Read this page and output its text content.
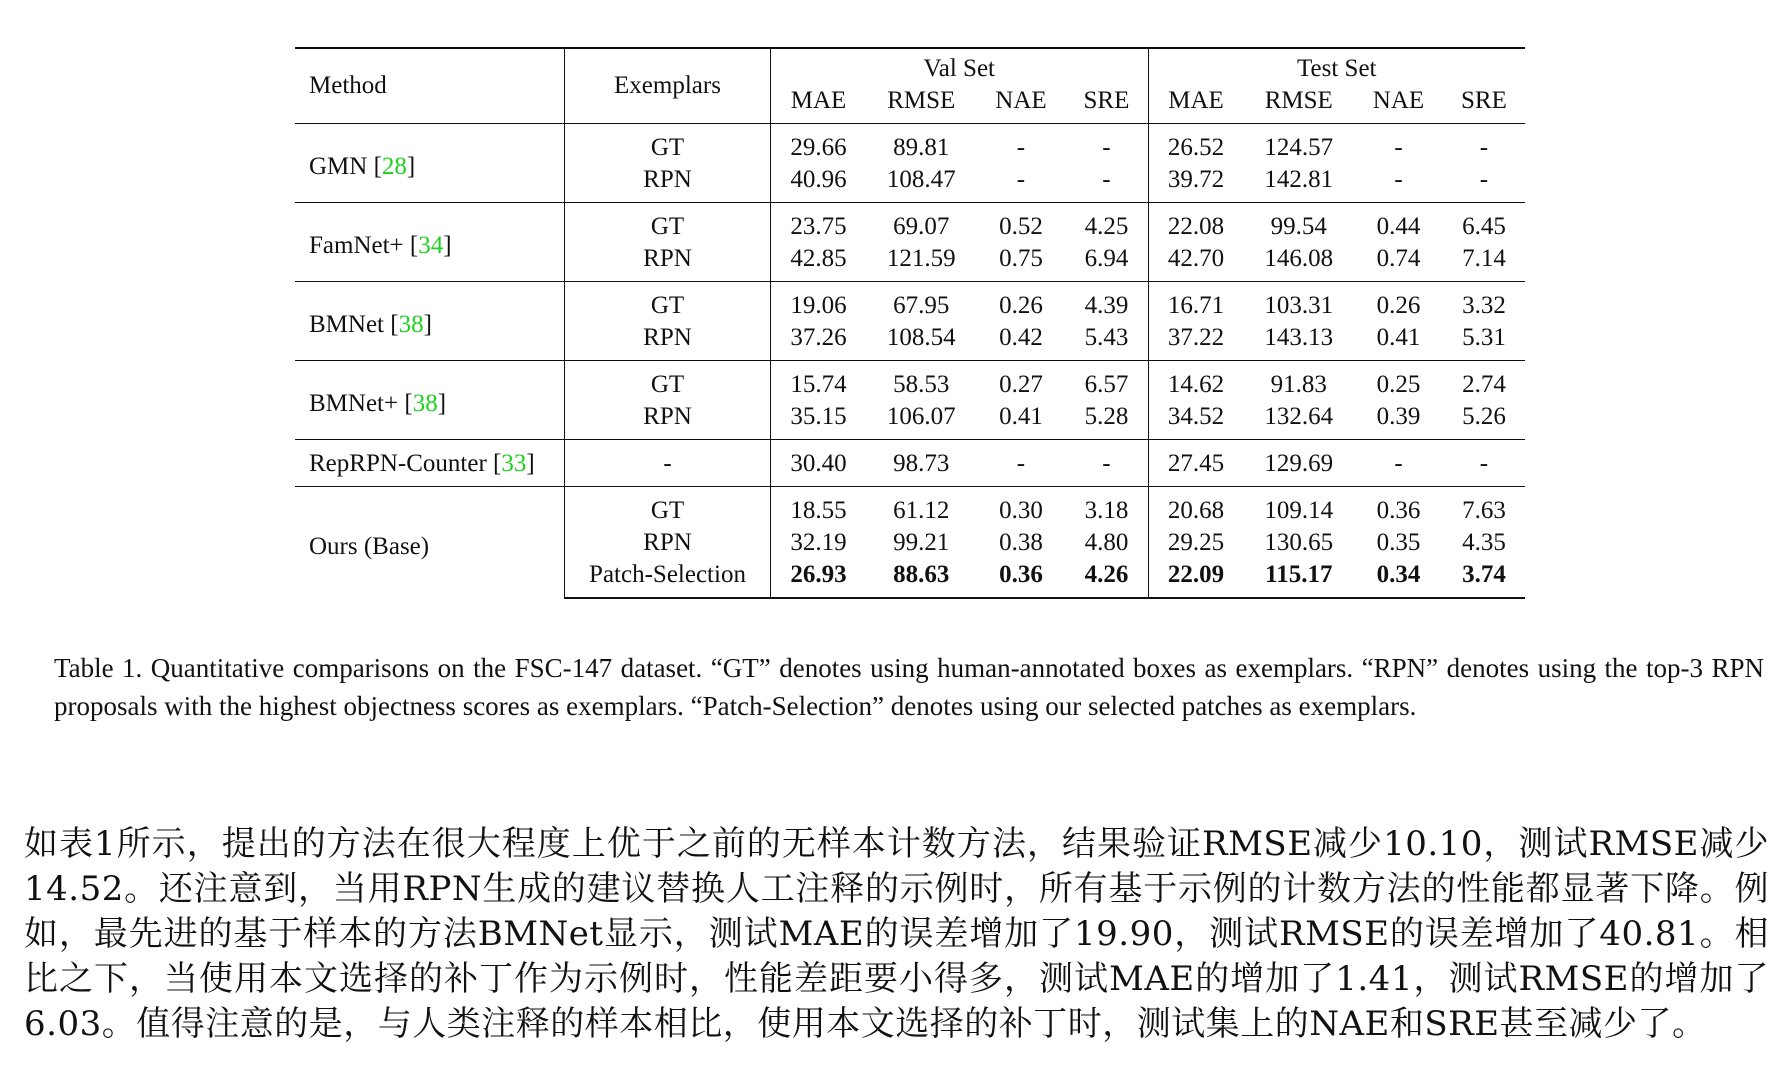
Method	Exemplars	Val Set				Test Set			
		MAE	RMSE	NAE	SRE	MAE	RMSE	NAE	SRE
GMN [28]	GT	29.66	89.81	-	-	26.52	124.57	-	-
	RPN	40.96	108.47	-	-	39.72	142.81	-	-
FamNet+ [34]	GT	23.75	69.07	0.52	4.25	22.08	99.54	0.44	6.45
	RPN	42.85	121.59	0.75	6.94	42.70	146.08	0.74	7.14
BMNet [38]	GT	19.06	67.95	0.26	4.39	16.71	103.31	0.26	3.32
	RPN	37.26	108.54	0.42	5.43	37.22	143.13	0.41	5.31
BMNet+ [38]	GT	15.74	58.53	0.27	6.57	14.62	91.83	0.25	2.74
	RPN	35.15	106.07	0.41	5.28	34.52	132.64	0.39	5.26
RepRPN-Counter [33]	-	30.40	98.73	-	-	27.45	129.69	-	-
Ours (Base)	GT	18.55	61.12	0.30	3.18	20.68	109.14	0.36	7.63
	RPN	32.19	99.21	0.38	4.80	29.25	130.65	0.35	4.35
	Patch-Selection	26.93	88.63	0.36	4.26	22.09	115.17	0.34	3.74

Table 1. Quantitative comparisons on the FSC-147 dataset. “GT” denotes using human-annotated boxes as exemplars. “RPN” denotes using the top-3 RPN proposals with the highest objectness scores as exemplars. “Patch-Selection” denotes using our selected patches as exemplars.

如表1所示，提出的方法在很大程度上优于之前的无样本计数方法，结果验证RMSE减少10.10，测试RMSE减少14.52。还注意到，当用RPN生成的建议替换人工注释的示例时，所有基于示例的计数方法的性能都显著下降。例如，最先进的基于样本的方法BMNet显示，测试MAE的误差增加了19.90，测试RMSE的误差增加了40.81。相比之下，当使用本文选择的补丁作为示例时，性能差距要小得多，测试MAE的增加了1.41，测试RMSE的增加了6.03。值得注意的是，与人类注释的样本相比，使用本文选择的补丁时，测试集上的NAE和SRE甚至减少了。
